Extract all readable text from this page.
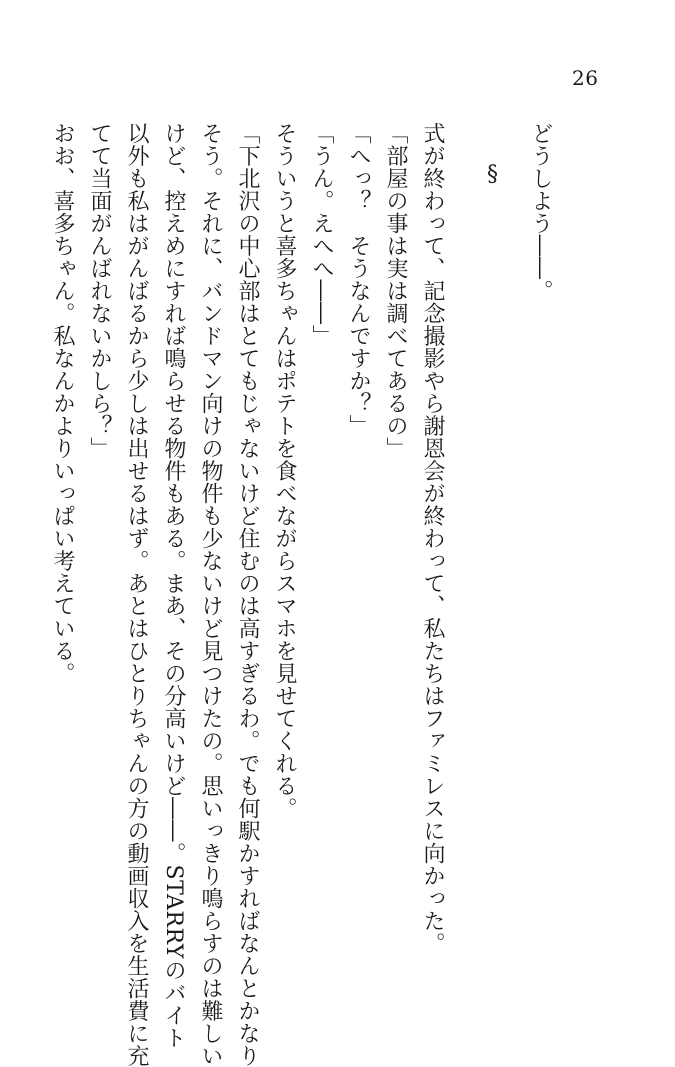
26
どうしよう――。
§
式が終わって、記念撮影やら謝恩会が終わって、私たちはファミレスに向かった。
「部屋の事は実は調べてあるの」
「へっ？　そうなんですか？」
「うん。えへへ――」
そういうと喜多ちゃんはポテトを食べながらスマホを見せてくれる。
「下北沢の中心部はとてもじゃないけど住むのは高すぎるわ。でも何駅かすればなんとかなり
そう。それに、バンドマン向けの物件も少ないけど見つけたの。思いっきり鳴らすのは難しい
けど、控えめにすれば鳴らせる物件もある。まあ、その分高いけど――。STARRYのバイト
以外も私はがんばるから少しは出せるはず。あとはひとりちゃんの方の動画収入を生活費に充
てて当面がんばれないかしら？」
おお、喜多ちゃん。私なんかよりいっぱい考えている。
